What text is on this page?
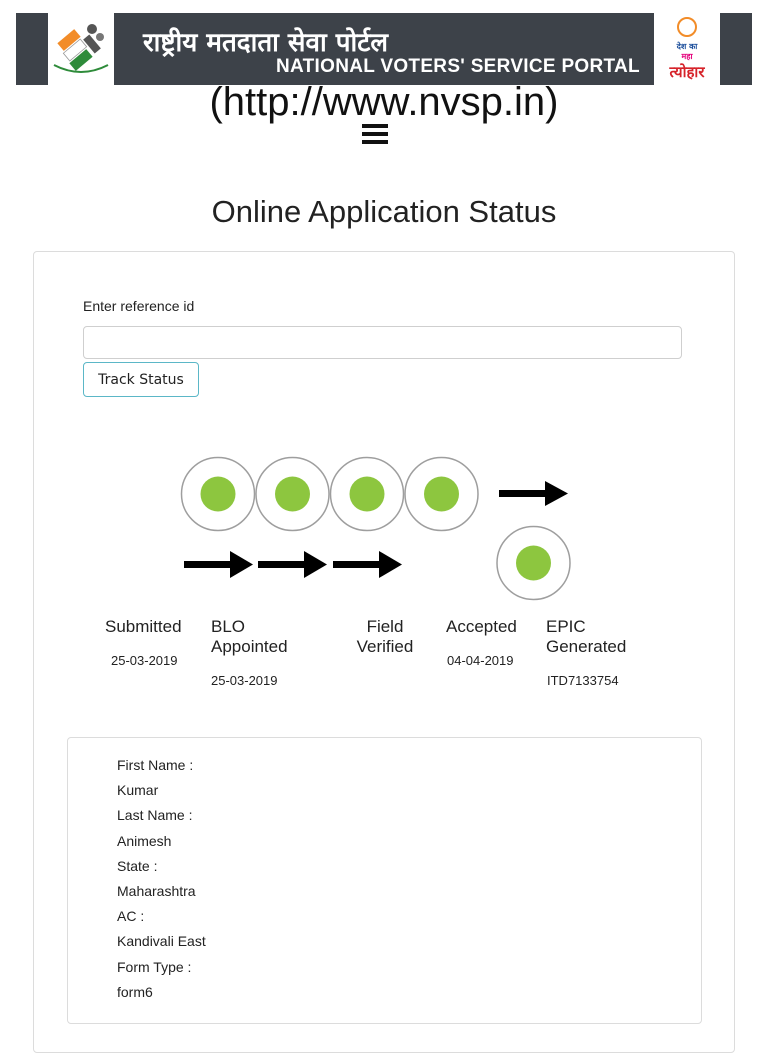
राष्ट्रीय मतदाता सेवा पोर्टल
NATIONAL VOTERS' SERVICE PORTAL
देश का
महा
त्योहार
(http://www.nvsp.in)
Online Application Status
Enter reference id
Track Status
Submitted
25-03-2019
BLO
Appointed
25-03-2019
Field
Verified
Accepted
04-04-2019
EPIC
Generated
ITD7133754
First Name :
Kumar
Last Name :
Animesh
State :
Maharashtra
AC :
Kandivali East
Form Type :
form6
